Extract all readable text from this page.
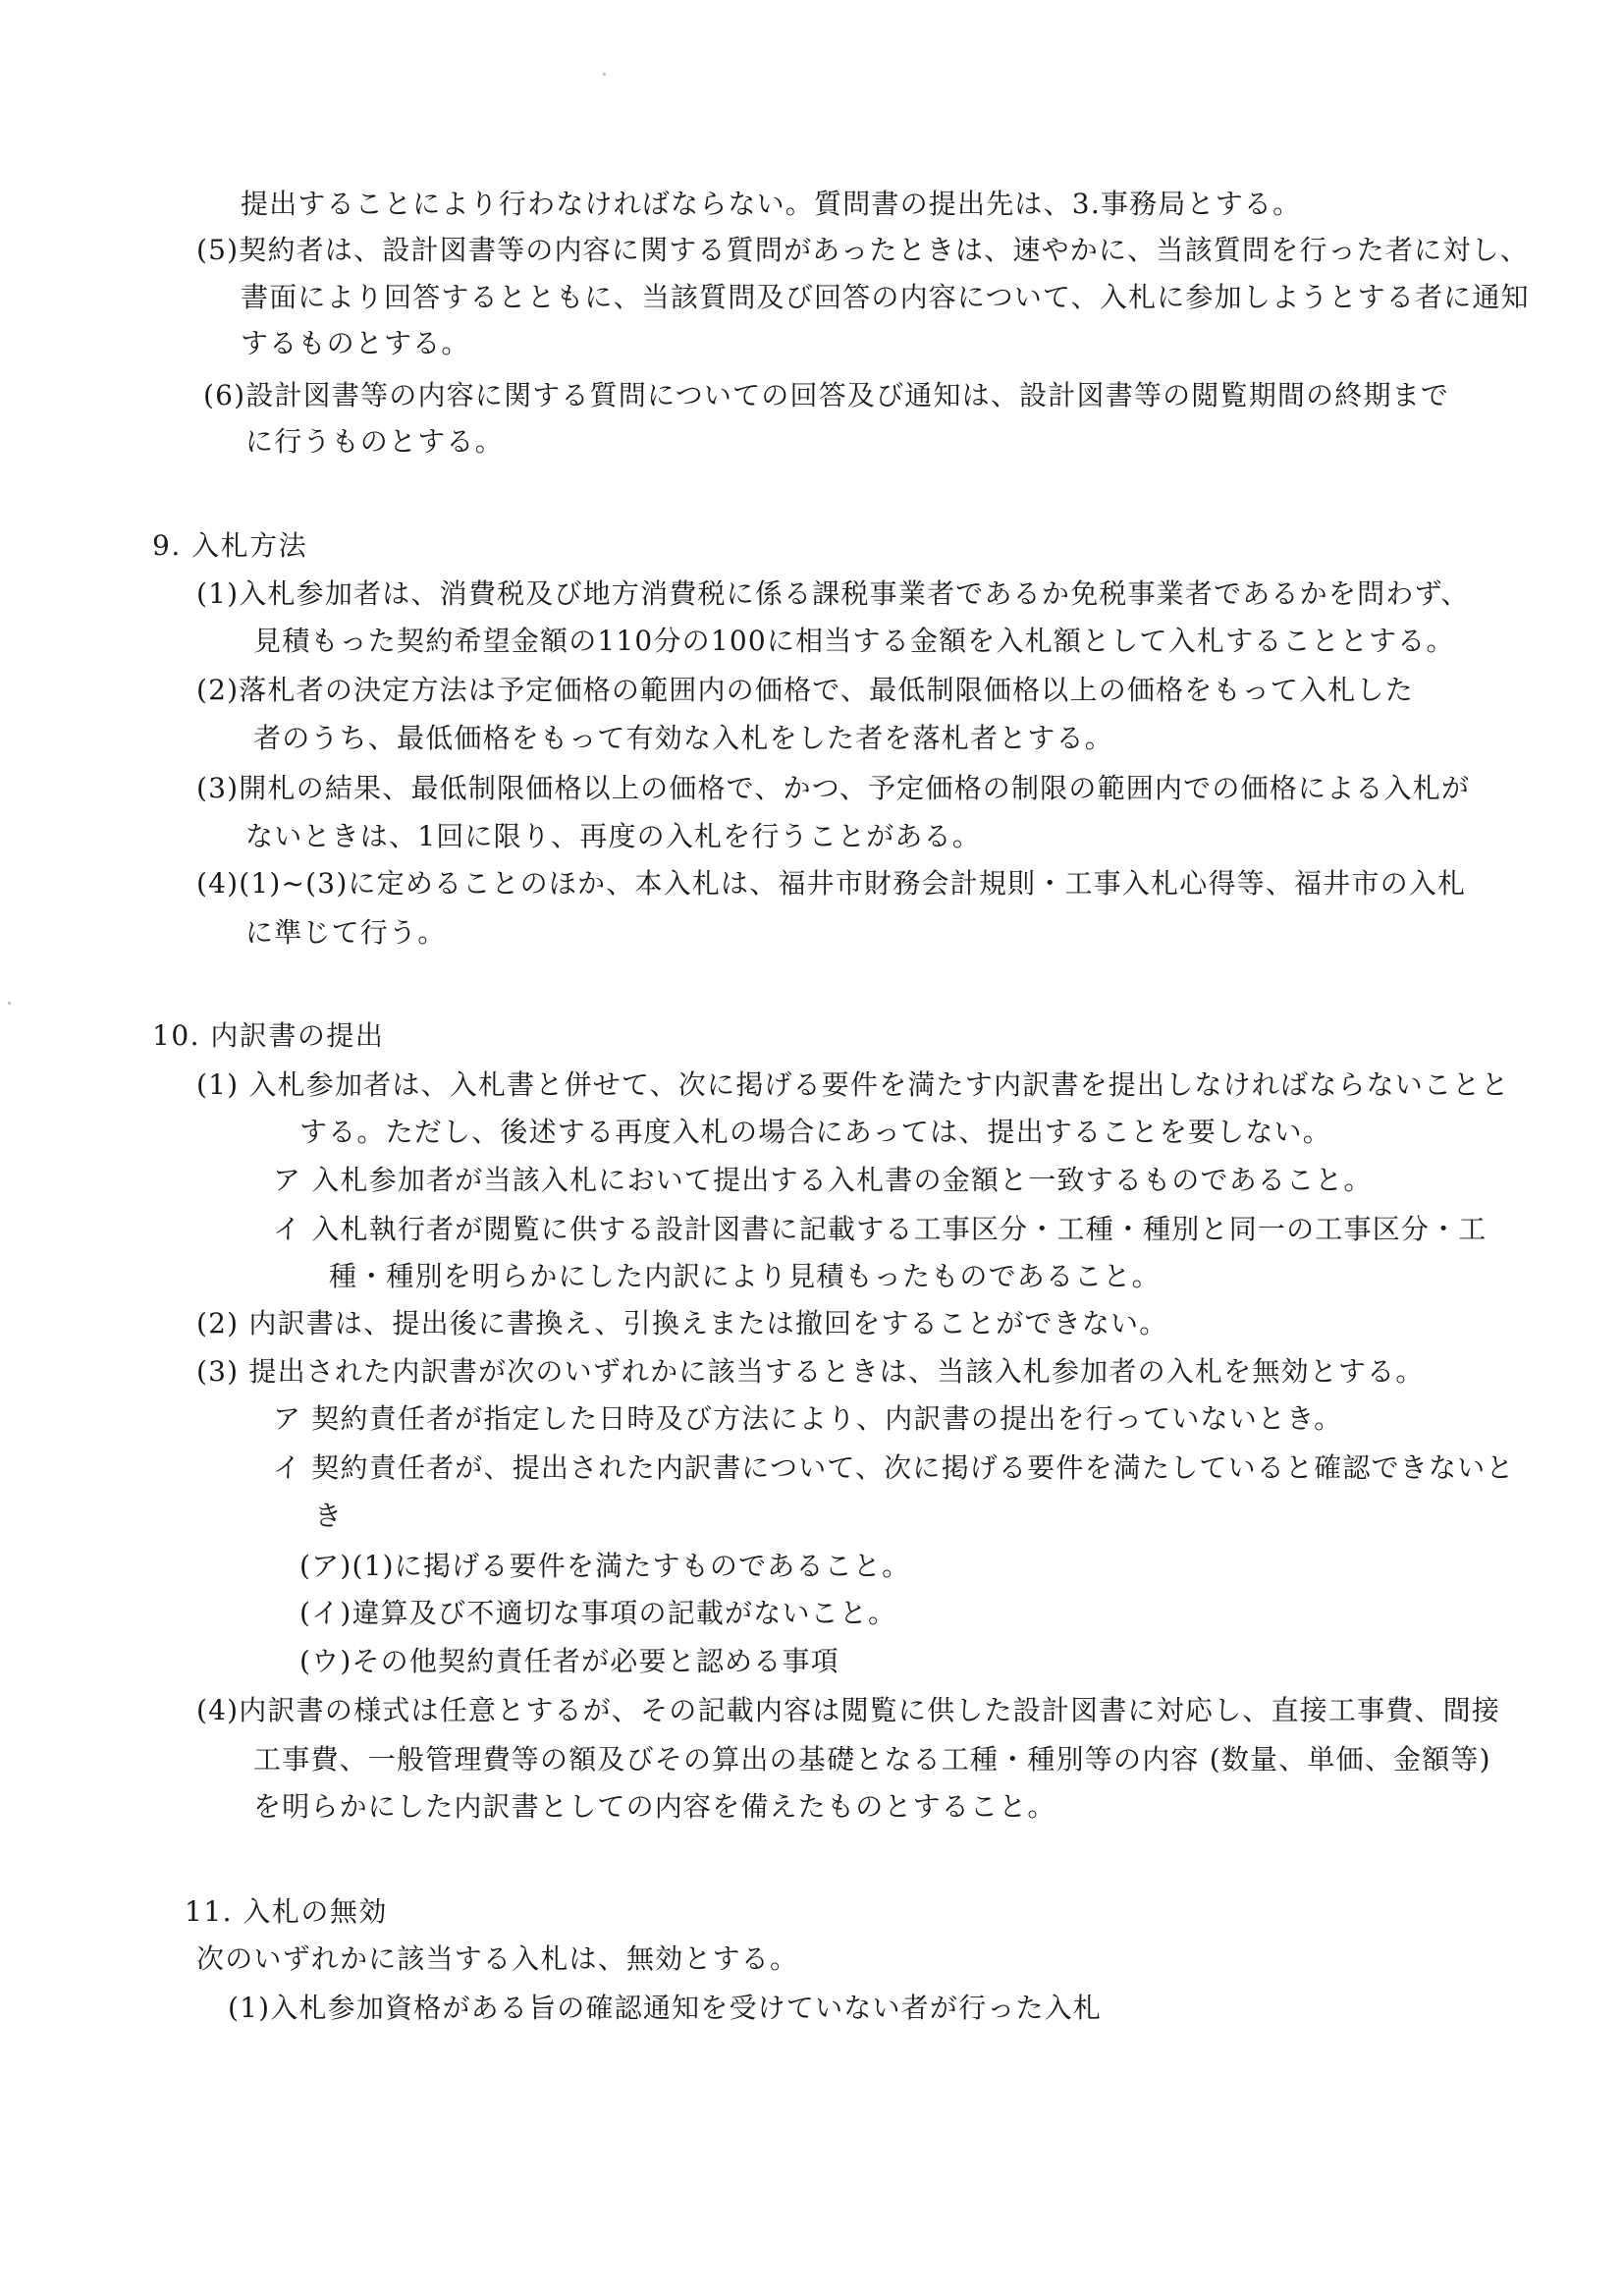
提出することにより行わなければならない。質問書の提出先は、3.事務局とする。
(5)契約者は、設計図書等の内容に関する質問があったときは、速やかに、当該質問を行った者に対し、
書面により回答するとともに、当該質問及び回答の内容について、入札に参加しようとする者に通知
するものとする。
(6)設計図書等の内容に関する質問についての回答及び通知は、設計図書等の閲覧期間の終期まで
に行うものとする。
9. 入札方法
(1)入札参加者は、消費税及び地方消費税に係る課税事業者であるか免税事業者であるかを問わず、
見積もった契約希望金額の110分の100に相当する金額を入札額として入札することとする。
(2)落札者の決定方法は予定価格の範囲内の価格で、最低制限価格以上の価格をもって入札した
者のうち、最低価格をもって有効な入札をした者を落札者とする。
(3)開札の結果、最低制限価格以上の価格で、かつ、予定価格の制限の範囲内での価格による入札が
ないときは、1回に限り、再度の入札を行うことがある。
(4)(1)~(3)に定めることのほか、本入札は、福井市財務会計規則・工事入札心得等、福井市の入札
に準じて行う。
10. 内訳書の提出
(1) 入札参加者は、入札書と併せて、次に掲げる要件を満たす内訳書を提出しなければならないことと
する。ただし、後述する再度入札の場合にあっては、提出することを要しない。
ア 入札参加者が当該入札において提出する入札書の金額と一致するものであること。
イ 入札執行者が閲覧に供する設計図書に記載する工事区分・工種・種別と同一の工事区分・工
種・種別を明らかにした内訳により見積もったものであること。
(2) 内訳書は、提出後に書換え、引換えまたは撤回をすることができない。
(3) 提出された内訳書が次のいずれかに該当するときは、当該入札参加者の入札を無効とする。
ア 契約責任者が指定した日時及び方法により、内訳書の提出を行っていないとき。
イ 契約責任者が、提出された内訳書について、次に掲げる要件を満たしていると確認できないと
き
(ア)(1)に掲げる要件を満たすものであること。
(イ)違算及び不適切な事項の記載がないこと。
(ウ)その他契約責任者が必要と認める事項
(4)内訳書の様式は任意とするが、その記載内容は閲覧に供した設計図書に対応し、直接工事費、間接
工事費、一般管理費等の額及びその算出の基礎となる工種・種別等の内容 (数量、単価、金額等)
を明らかにした内訳書としての内容を備えたものとすること。
11. 入札の無効
次のいずれかに該当する入札は、無効とする。
(1)入札参加資格がある旨の確認通知を受けていない者が行った入札
